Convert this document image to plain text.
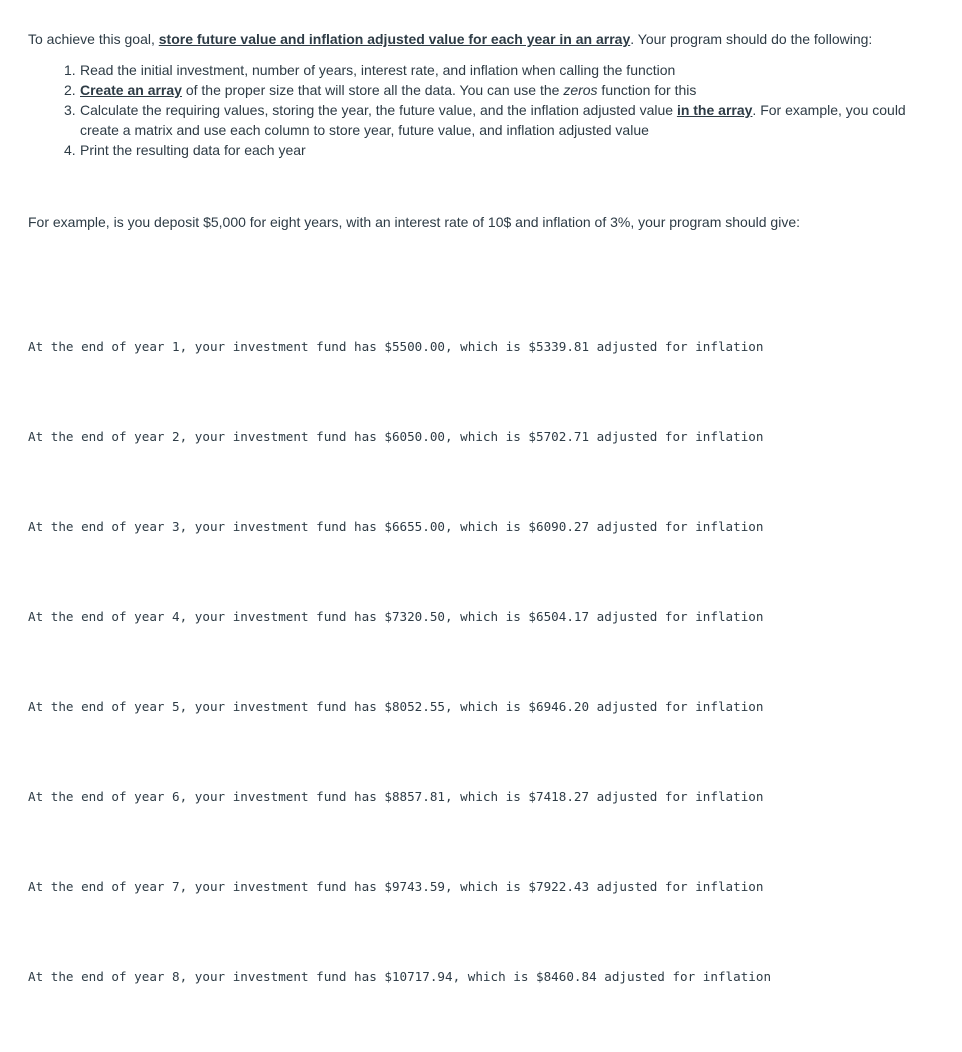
To achieve this goal, store future value and inflation adjusted value for each year in an array. Your program should do the following:

Read the initial investment, number of years, interest rate, and inflation when calling the function
Create an array of the proper size that will store all the data. You can use the zeros function for this
Calculate the requiring values, storing the year, the future value, and the inflation adjusted value in the array. For example, you could create a matrix and use each column to store year, future value, and inflation adjusted value
Print the resulting data for each year

For example, is you deposit $5,000 for eight years, with an interest rate of 10$ and inflation of 3%, your program should give:

At the end of year 1, your investment fund has $5500.00, which is $5339.81 adjusted for inflation

At the end of year 2, your investment fund has $6050.00, which is $5702.71 adjusted for inflation

At the end of year 3, your investment fund has $6655.00, which is $6090.27 adjusted for inflation

At the end of year 4, your investment fund has $7320.50, which is $6504.17 adjusted for inflation

At the end of year 5, your investment fund has $8052.55, which is $6946.20 adjusted for inflation

At the end of year 6, your investment fund has $8857.81, which is $7418.27 adjusted for inflation

At the end of year 7, your investment fund has $9743.59, which is $7922.43 adjusted for inflation

At the end of year 8, your investment fund has $10717.94, which is $8460.84 adjusted for inflation
